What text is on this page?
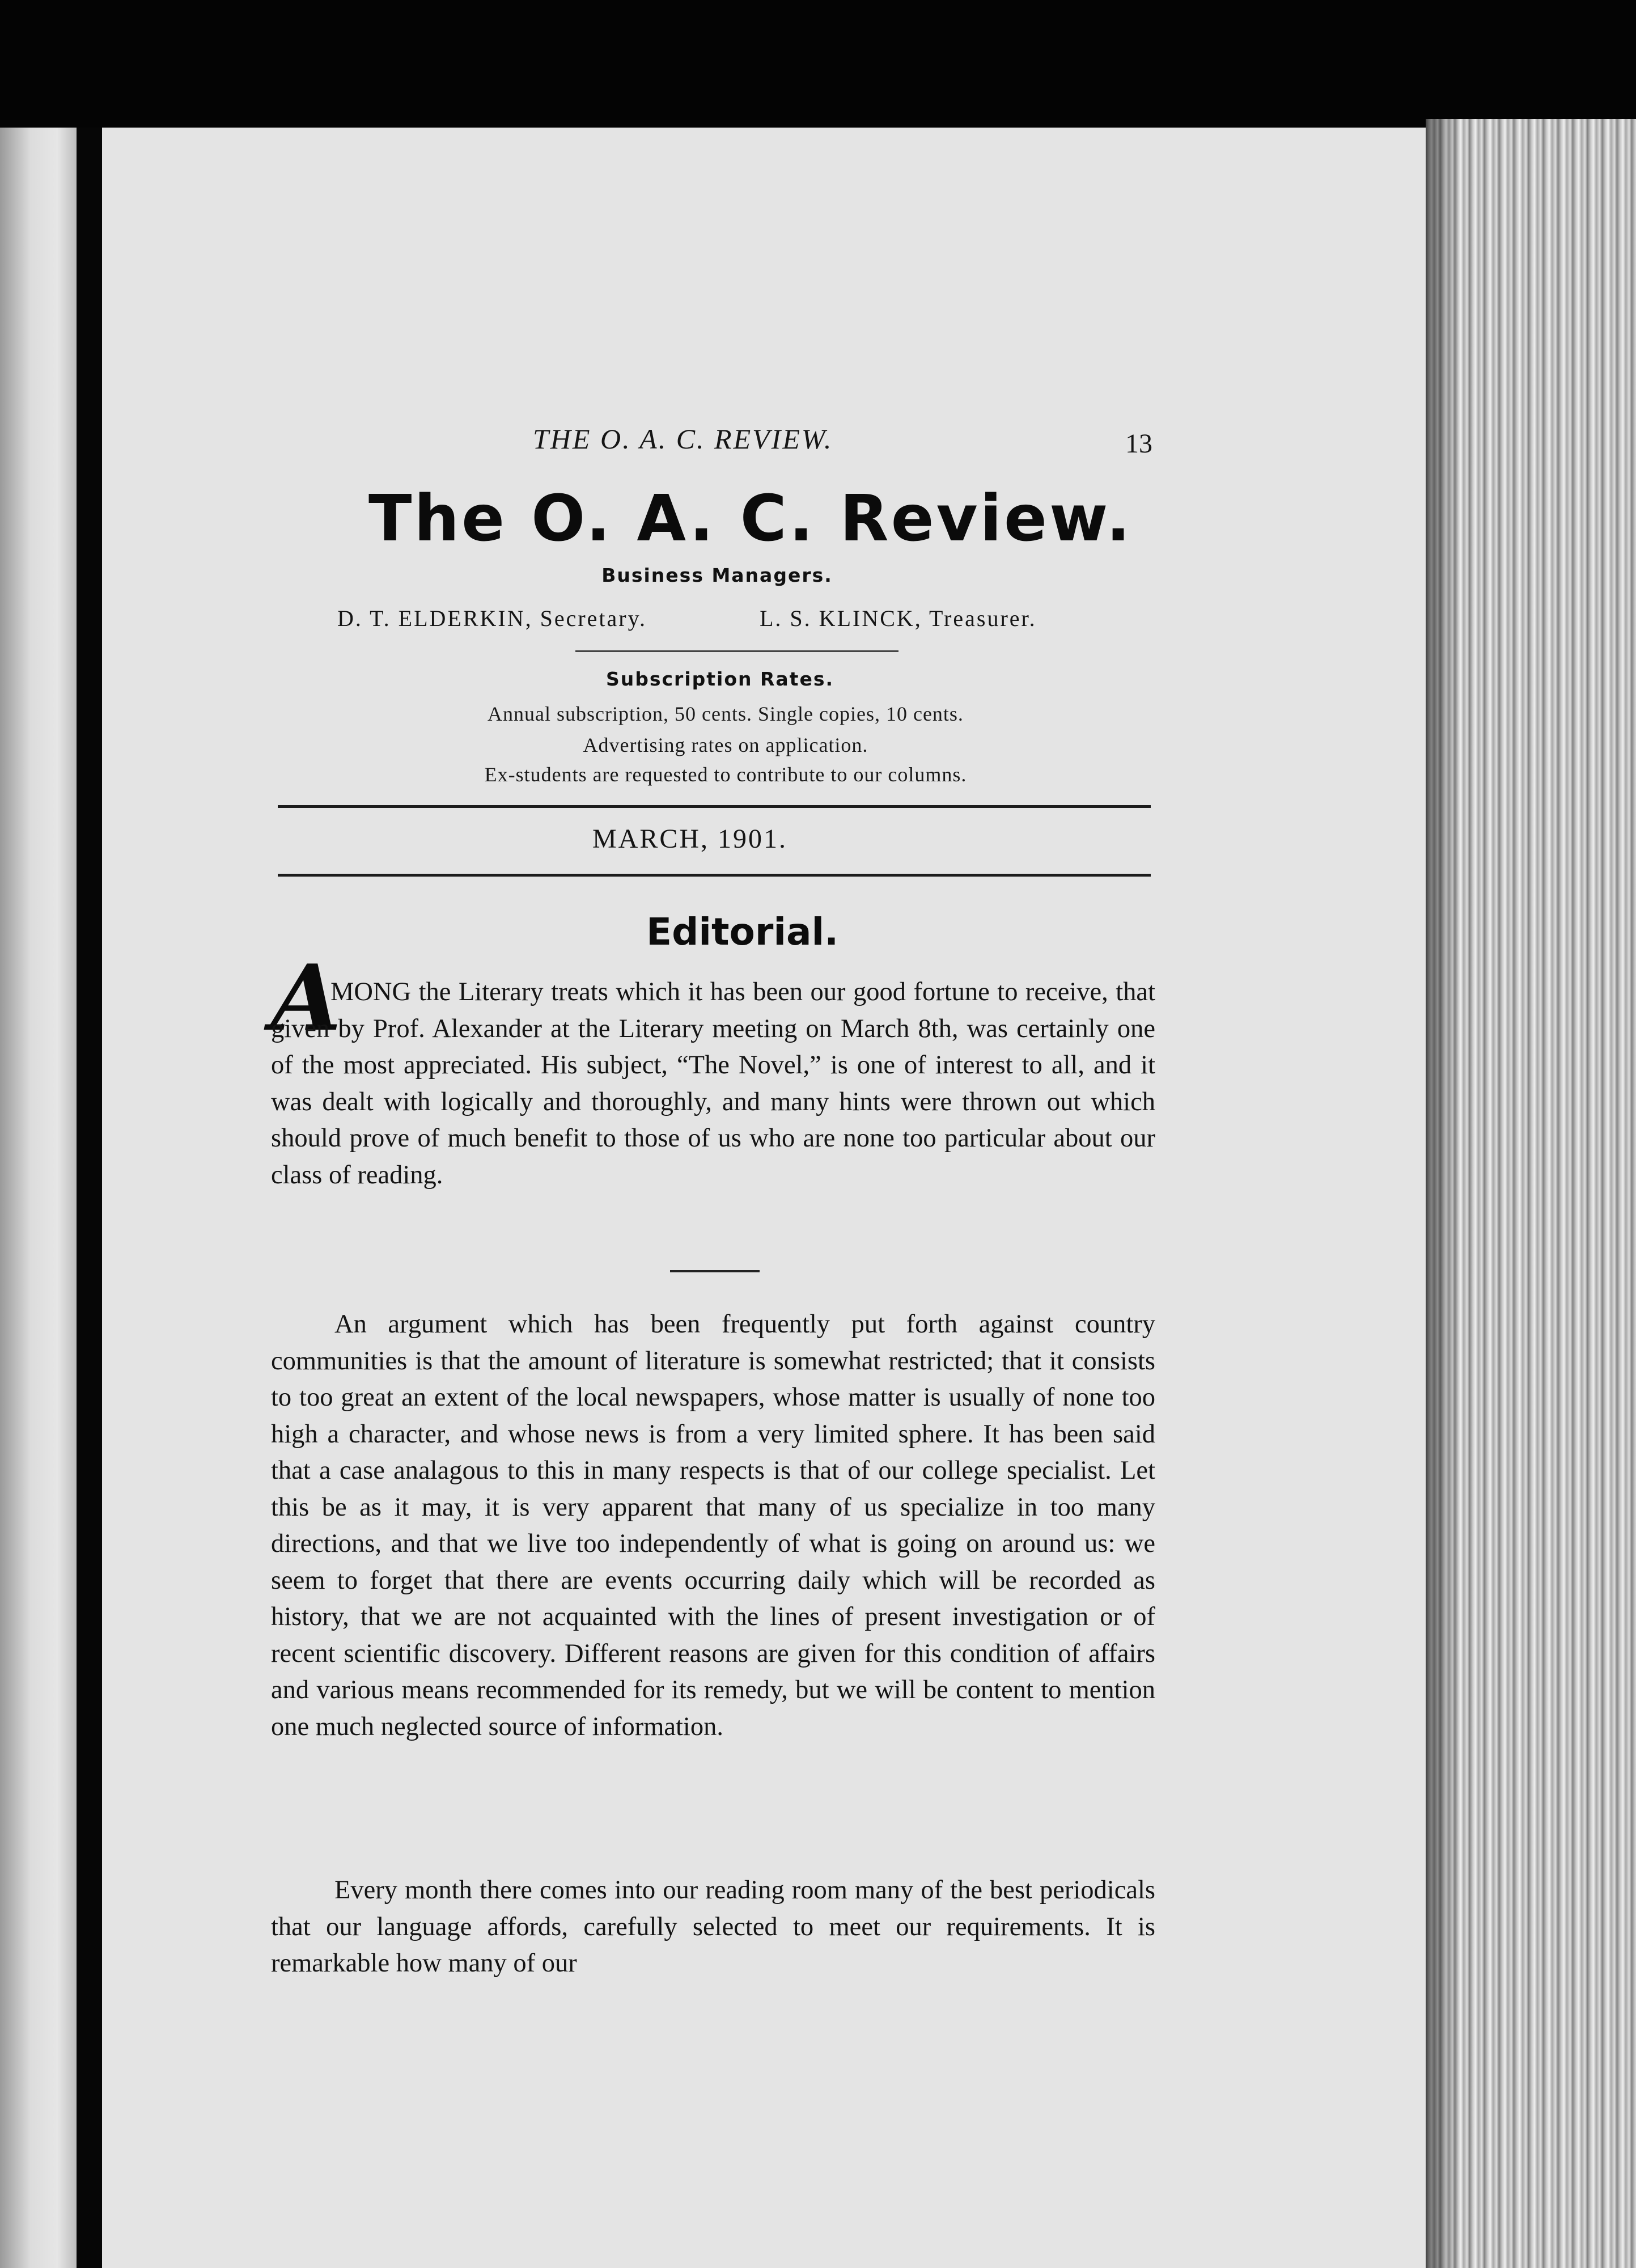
THE O. A. C. REVIEW.	13
The O. A. C. Review.
Business Managers.
D. T. ELDERKIN, Secretary.	L. S. KLINCK, Treasurer.
Subscription Rates.
Annual subscription, 50 cents. Single copies, 10 cents.
Advertising rates on application.
Ex-students are requested to contribute to our columns.
MARCH, 1901.
Editorial.
A
MONG the Literary treats which it has been our good fortune to receive, that given by Prof. Alexander at the Literary meeting on March 8th, was certainly one of the most appreciated. His subject, “The Novel,” is one of interest to all, and it was dealt with logically and thoroughly, and many hints were thrown out which should prove of much benefit to those of us who are none too particular about our class of reading.
An argument which has been frequently put forth against country communities is that the amount of literature is somewhat restricted; that it consists to too great an extent of the local newspapers, whose matter is usually of none too high a character, and whose news is from a very limited sphere. It has been said that a case analagous to this in many respects is that of our college specialist. Let this be as it may, it is very apparent that many of us specialize in too many directions, and that we live too independently of what is going on around us: we seem to forget that there are events occurring daily which will be recorded as history, that we are not acquainted with the lines of present investigation or of recent scientific discovery. Different reasons are given for this condition of affairs and various means recommended for its remedy, but we will be content to mention one much neglected source of information.
Every month there comes into our reading room many of the best periodicals that our language affords, carefully selected to meet our requirements. It is remarkable how many of our
